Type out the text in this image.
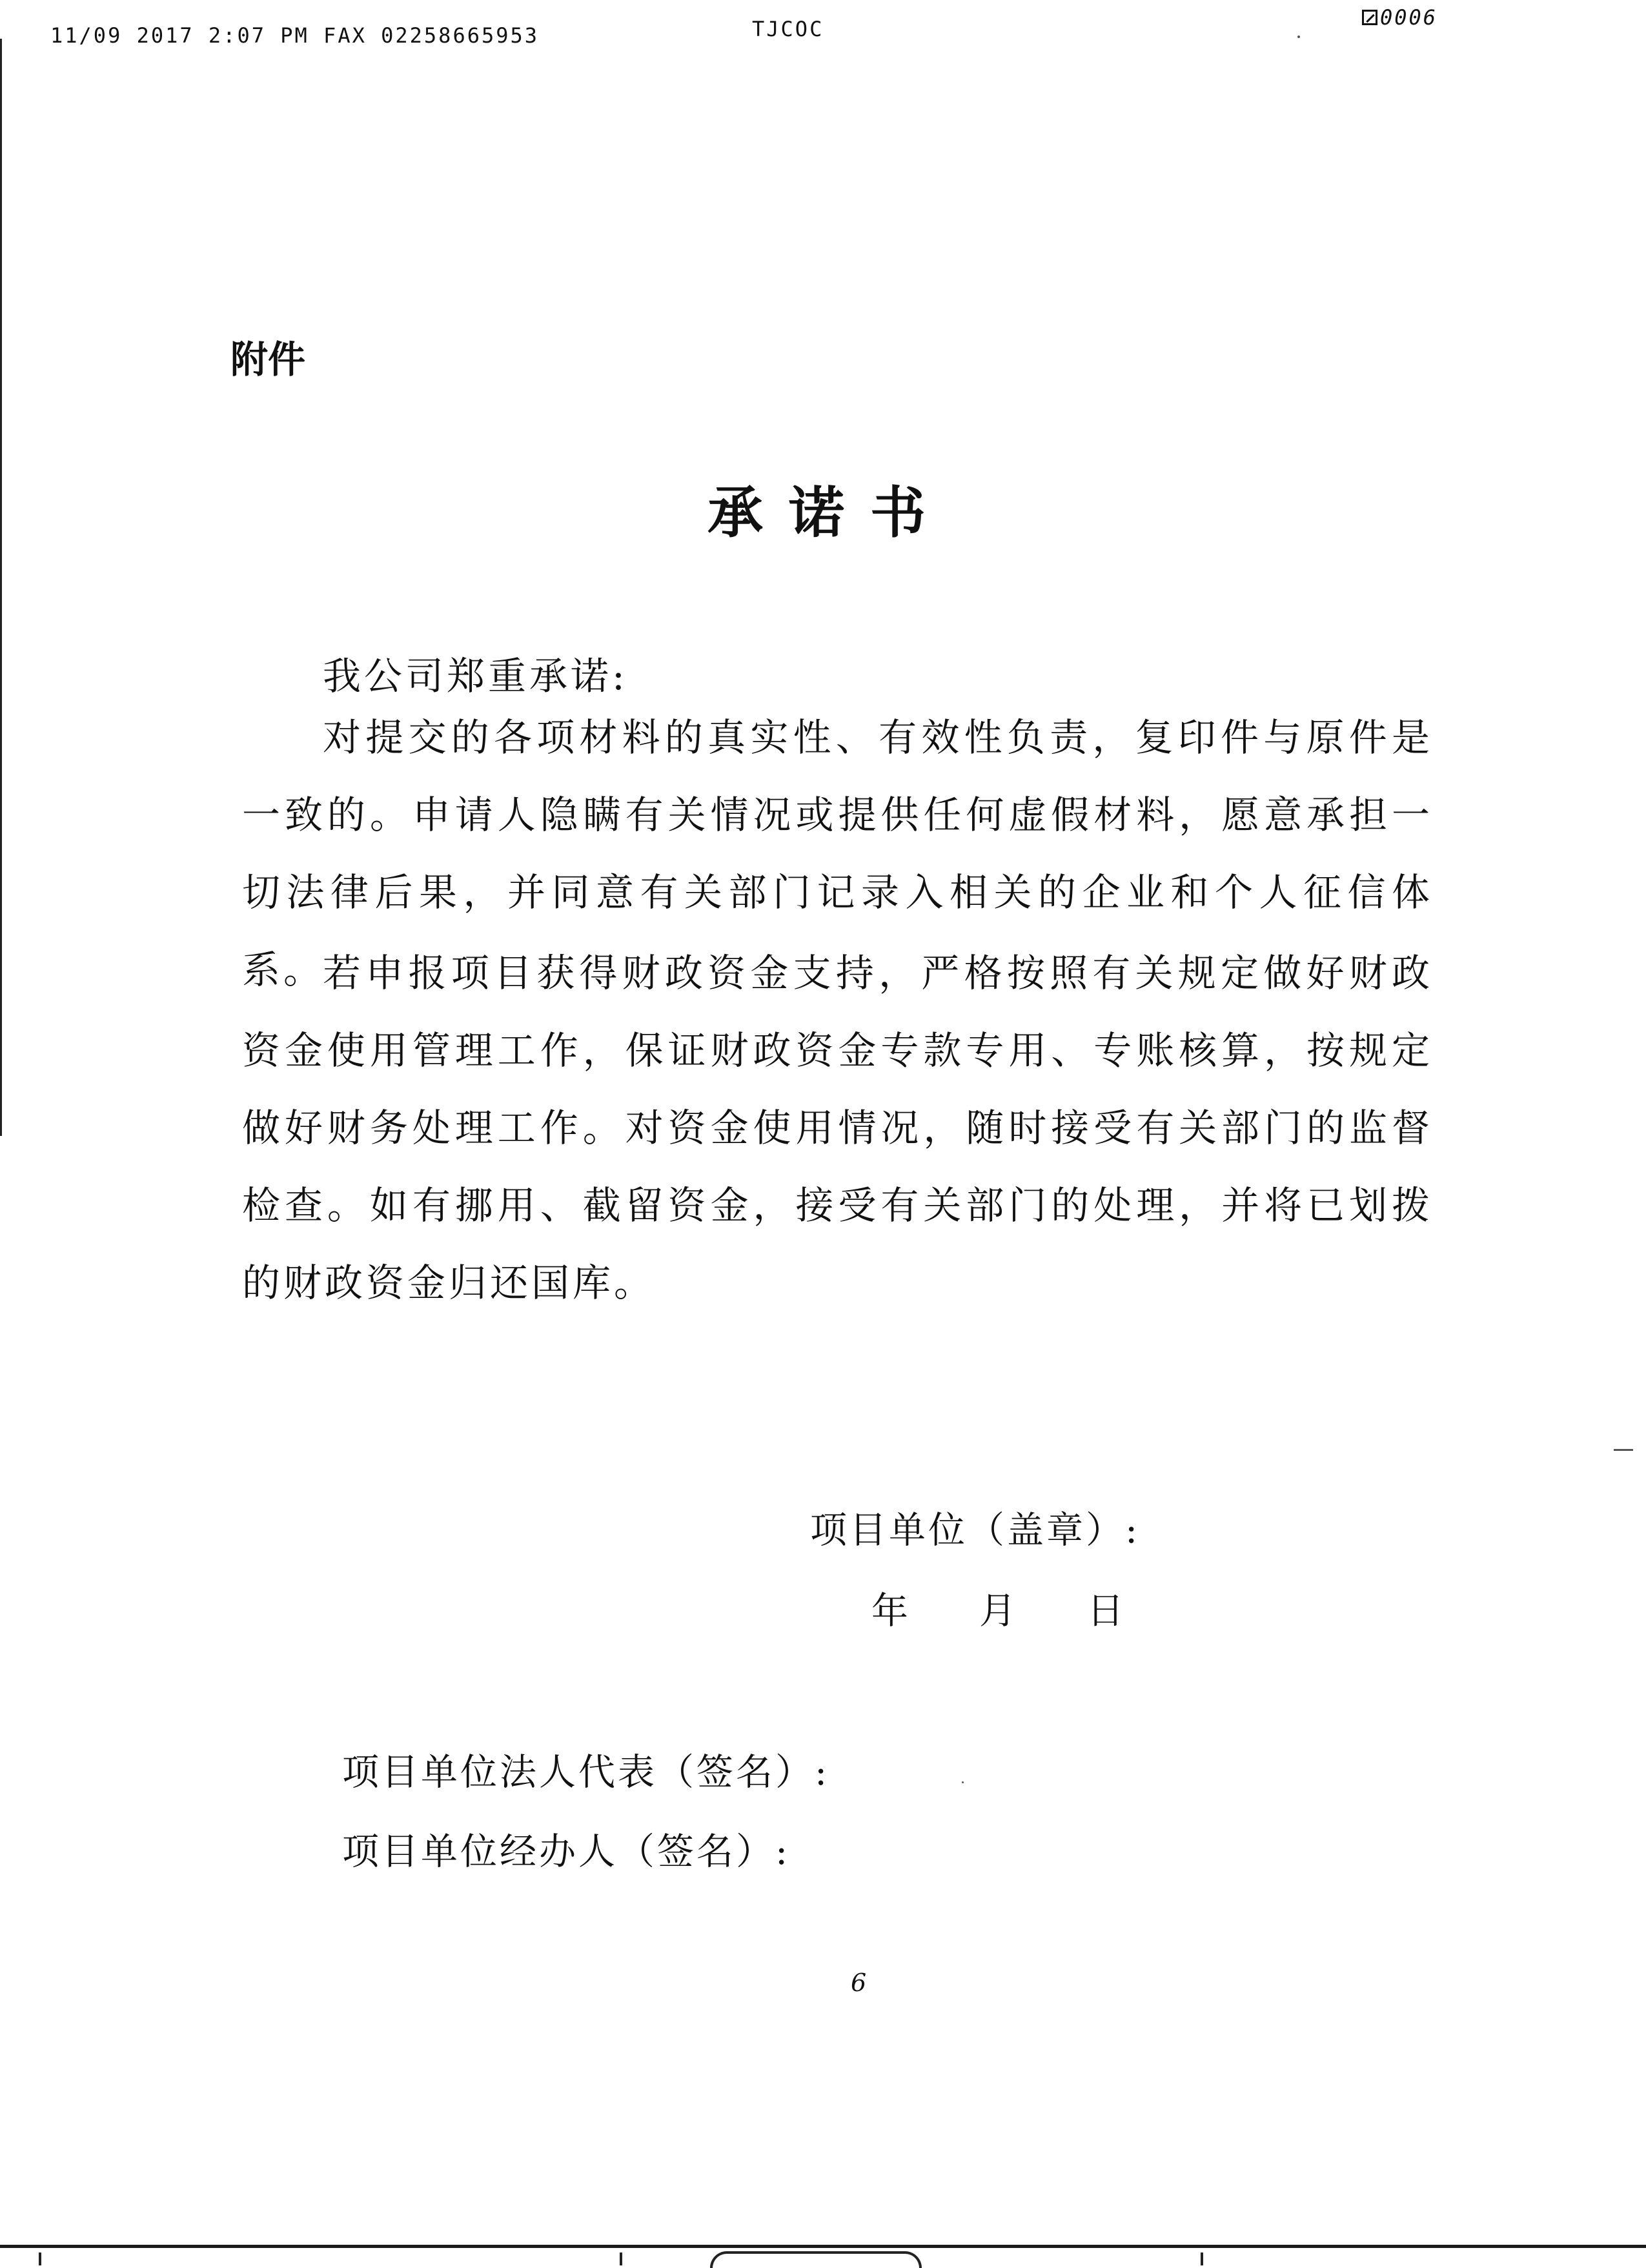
11/09 2017 2:07 PM FAX 02258665953	TJCOC	0006
附件
承诺书
我公司郑重承诺:
对提交的各项材料的真实性、有效性负责，复印件与原件是一致的。申请人隐瞒有关情况或提供任何虚假材料，愿意承担一切法律后果，并同意有关部门记录入相关的企业和个人征信体系。
若申报项目获得财政资金支持，严格按照有关规定做好财政资金使用管理工作，保证财政资金专款专用、专账核算，按规定做好财务处理工作。对资金使用情况，随时接受有关部门的监督检查。如有挪用、截留资金，接受有关部门的处理，并将已划拨的财政资金归还国库。
项目单位（盖章）:
年 月 日
项目单位法人代表（签名）:
项目单位经办人（签名）:
6
